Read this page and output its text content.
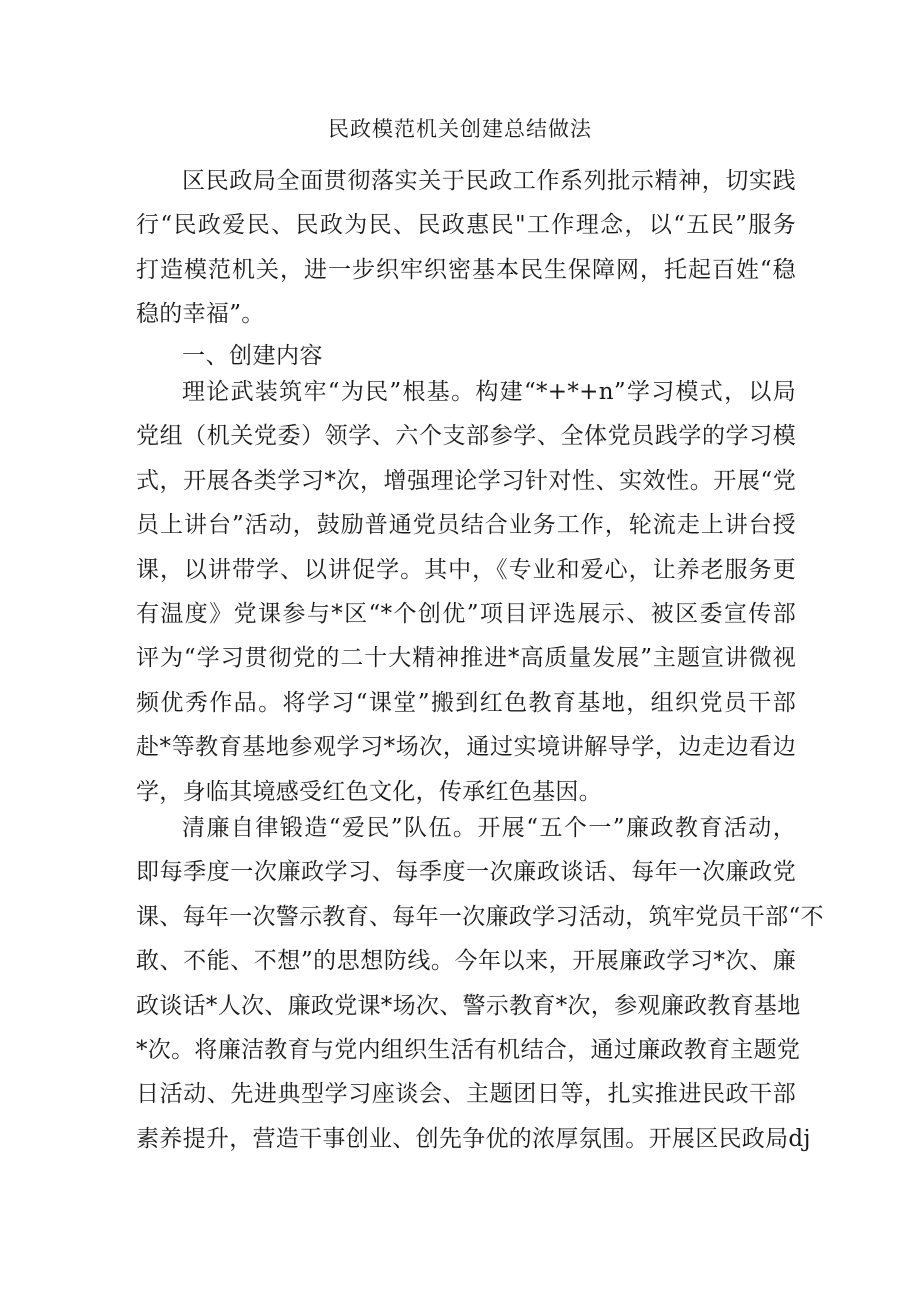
民政模范机关创建总结做法
区民政局全面贯彻落实关于民政工作系列批示精神，切实践
行“民政爱民、民政为民、民政惠民"工作理念，以“五民”服务
打造模范机关，进一步织牢织密基本民生保障网，托起百姓“稳
稳的幸福”。
一、创建内容
理论武装筑牢“为民”根基。构建“*+*+n”学习模式，以局
党组（机关党委）领学、六个支部参学、全体党员践学的学习模
式，开展各类学习*次，增强理论学习针对性、实效性。开展“党
员上讲台”活动，鼓励普通党员结合业务工作，轮流走上讲台授
课，以讲带学、以讲促学。其中，《专业和爱心，让养老服务更
有温度》党课参与*区“*个创优”项目评选展示、被区委宣传部
评为“学习贯彻党的二十大精神推进*高质量发展”主题宣讲微视
频优秀作品。将学习“课堂”搬到红色教育基地，组织党员干部
赴*等教育基地参观学习*场次，通过实境讲解导学，边走边看边
学，身临其境感受红色文化，传承红色基因。
清廉自律锻造“爱民”队伍。开展“五个一”廉政教育活动，
即每季度一次廉政学习、每季度一次廉政谈话、每年一次廉政党
课、每年一次警示教育、每年一次廉政学习活动，筑牢党员干部“不
敢、不能、不想”的思想防线。今年以来，开展廉政学习*次、廉
政谈话*人次、廉政党课*场次、警示教育*次，参观廉政教育基地
*次。将廉洁教育与党内组织生活有机结合，通过廉政教育主题党
日活动、先进典型学习座谈会、主题团日等，扎实推进民政干部
素养提升，营造干事创业、创先争优的浓厚氛围。开展区民政局dj
